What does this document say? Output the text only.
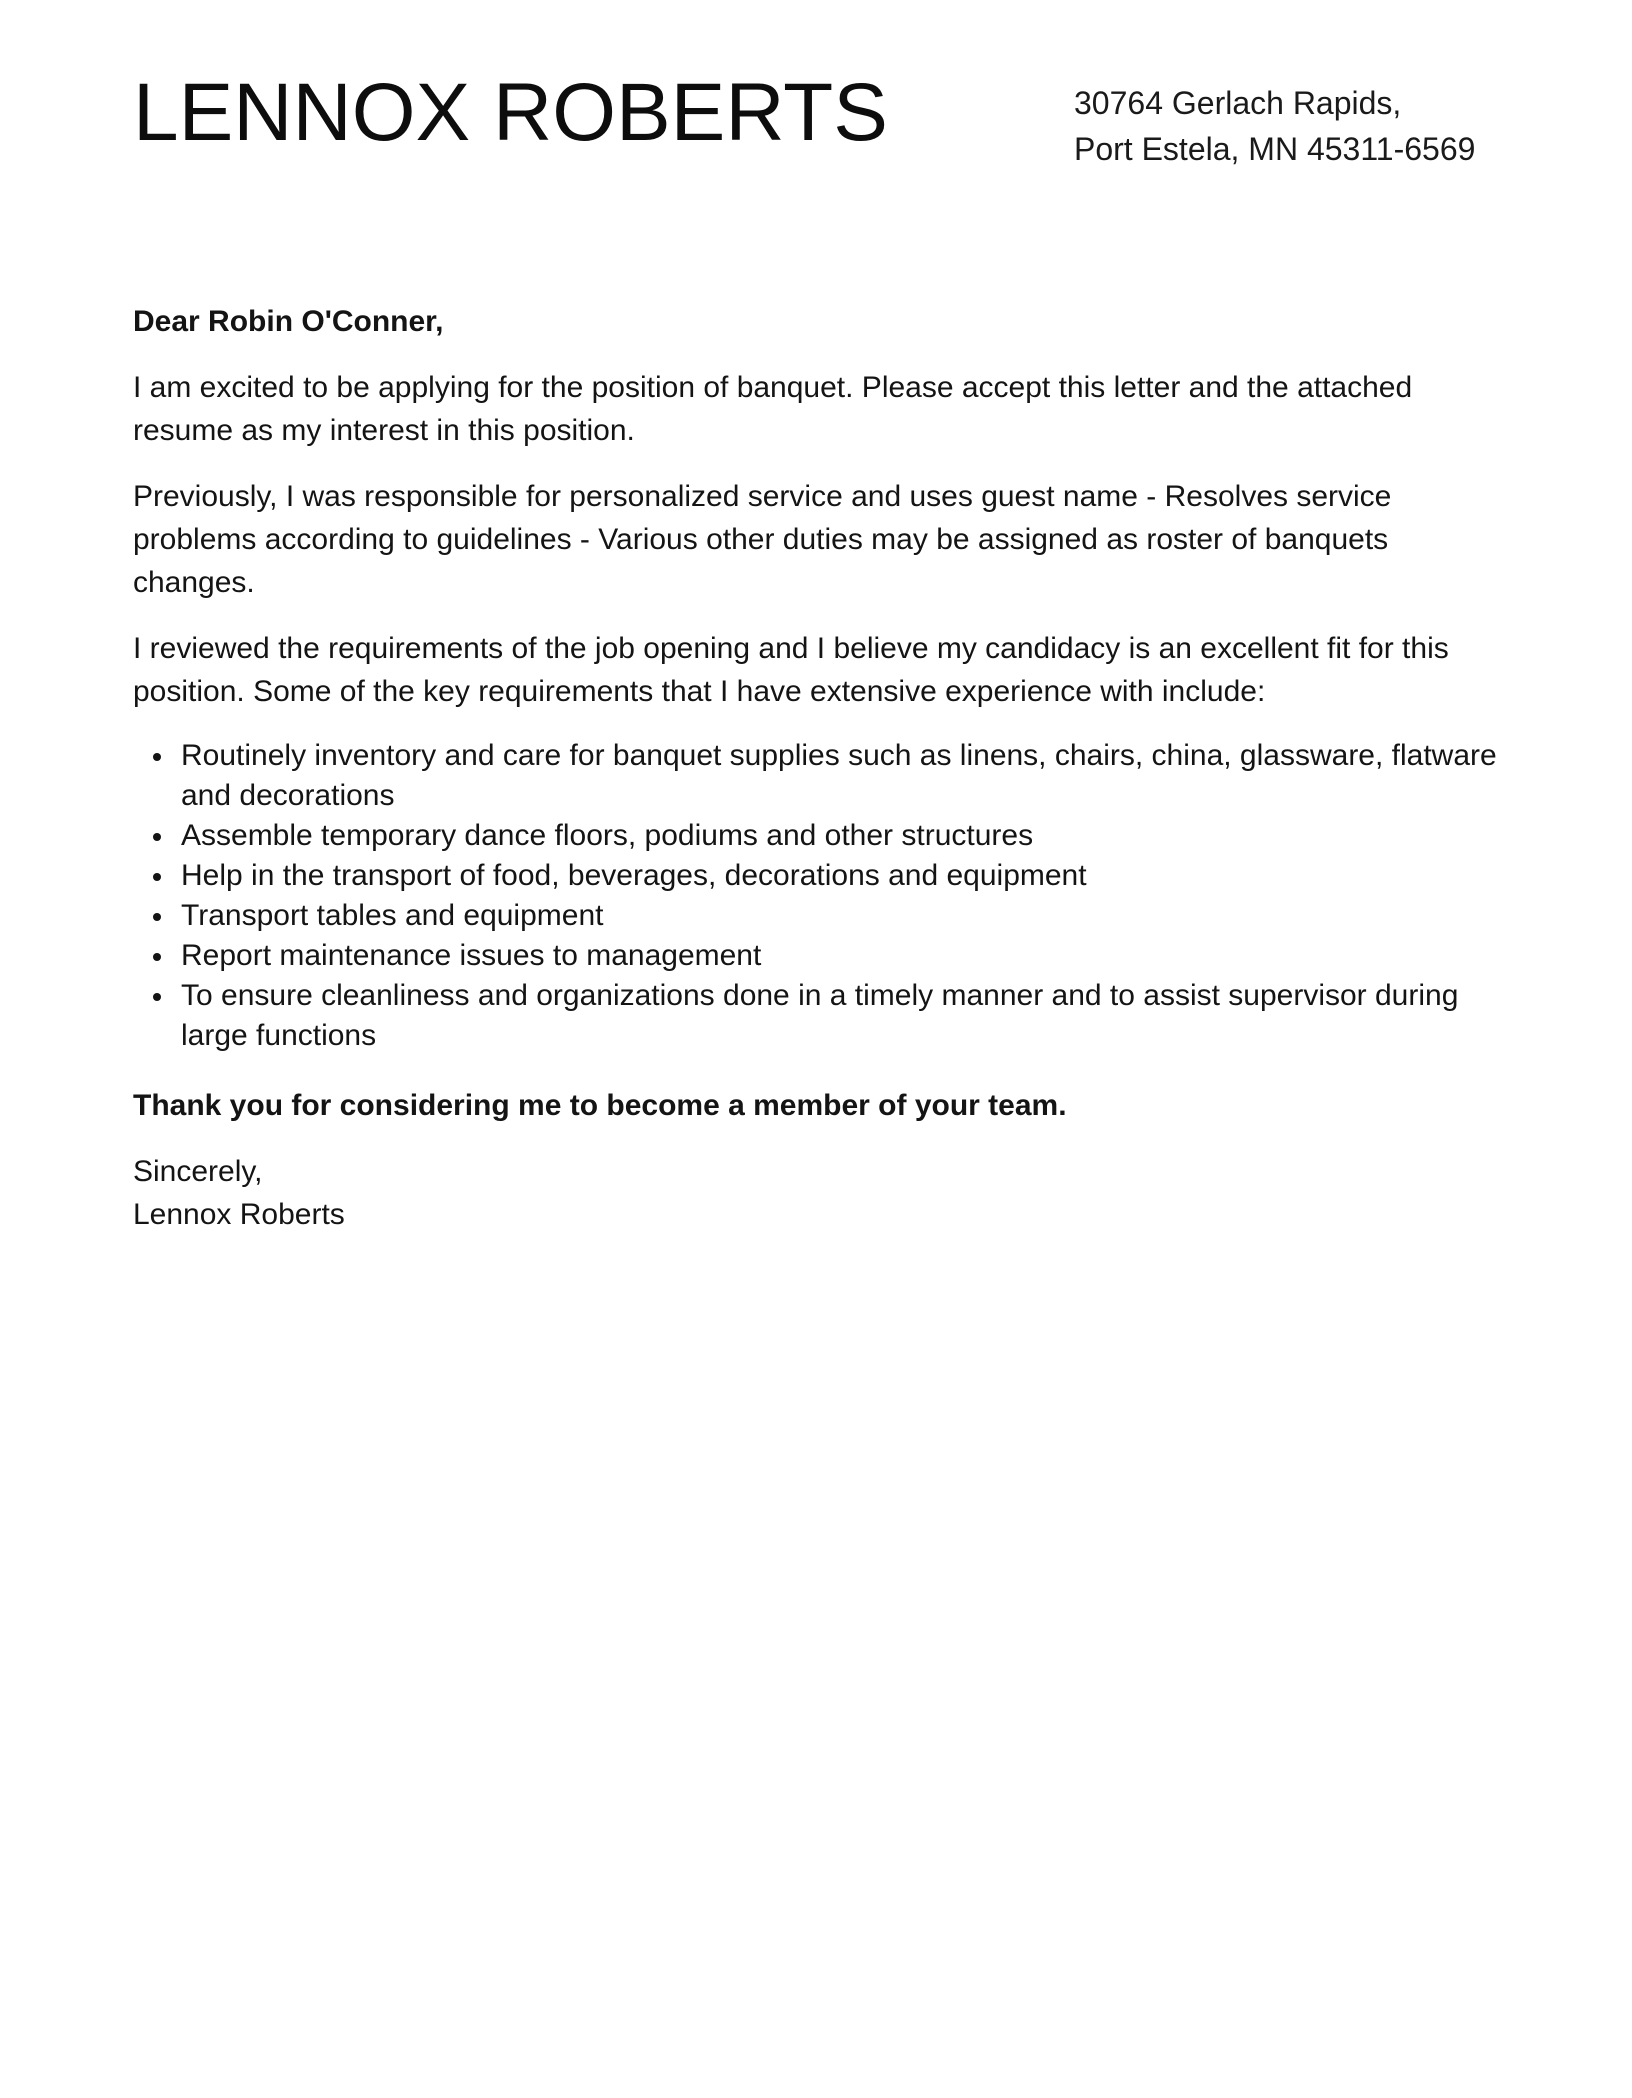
LENNOX ROBERTS	30764 Gerlach Rapids,
Port Estela, MN 45311-6569

Dear Robin O'Conner,

I am excited to be applying for the position of banquet. Please accept this letter and the attached resume as my interest in this position.

Previously, I was responsible for personalized service and uses guest name - Resolves service problems according to guidelines - Various other duties may be assigned as roster of banquets changes.

I reviewed the requirements of the job opening and I believe my candidacy is an excellent fit for this position. Some of the key requirements that I have extensive experience with include:

Routinely inventory and care for banquet supplies such as linens, chairs, china, glassware, flatware and decorations
Assemble temporary dance floors, podiums and other structures
Help in the transport of food, beverages, decorations and equipment
Transport tables and equipment
Report maintenance issues to management
To ensure cleanliness and organizations done in a timely manner and to assist supervisor during large functions

Thank you for considering me to become a member of your team.

Sincerely,
Lennox Roberts
